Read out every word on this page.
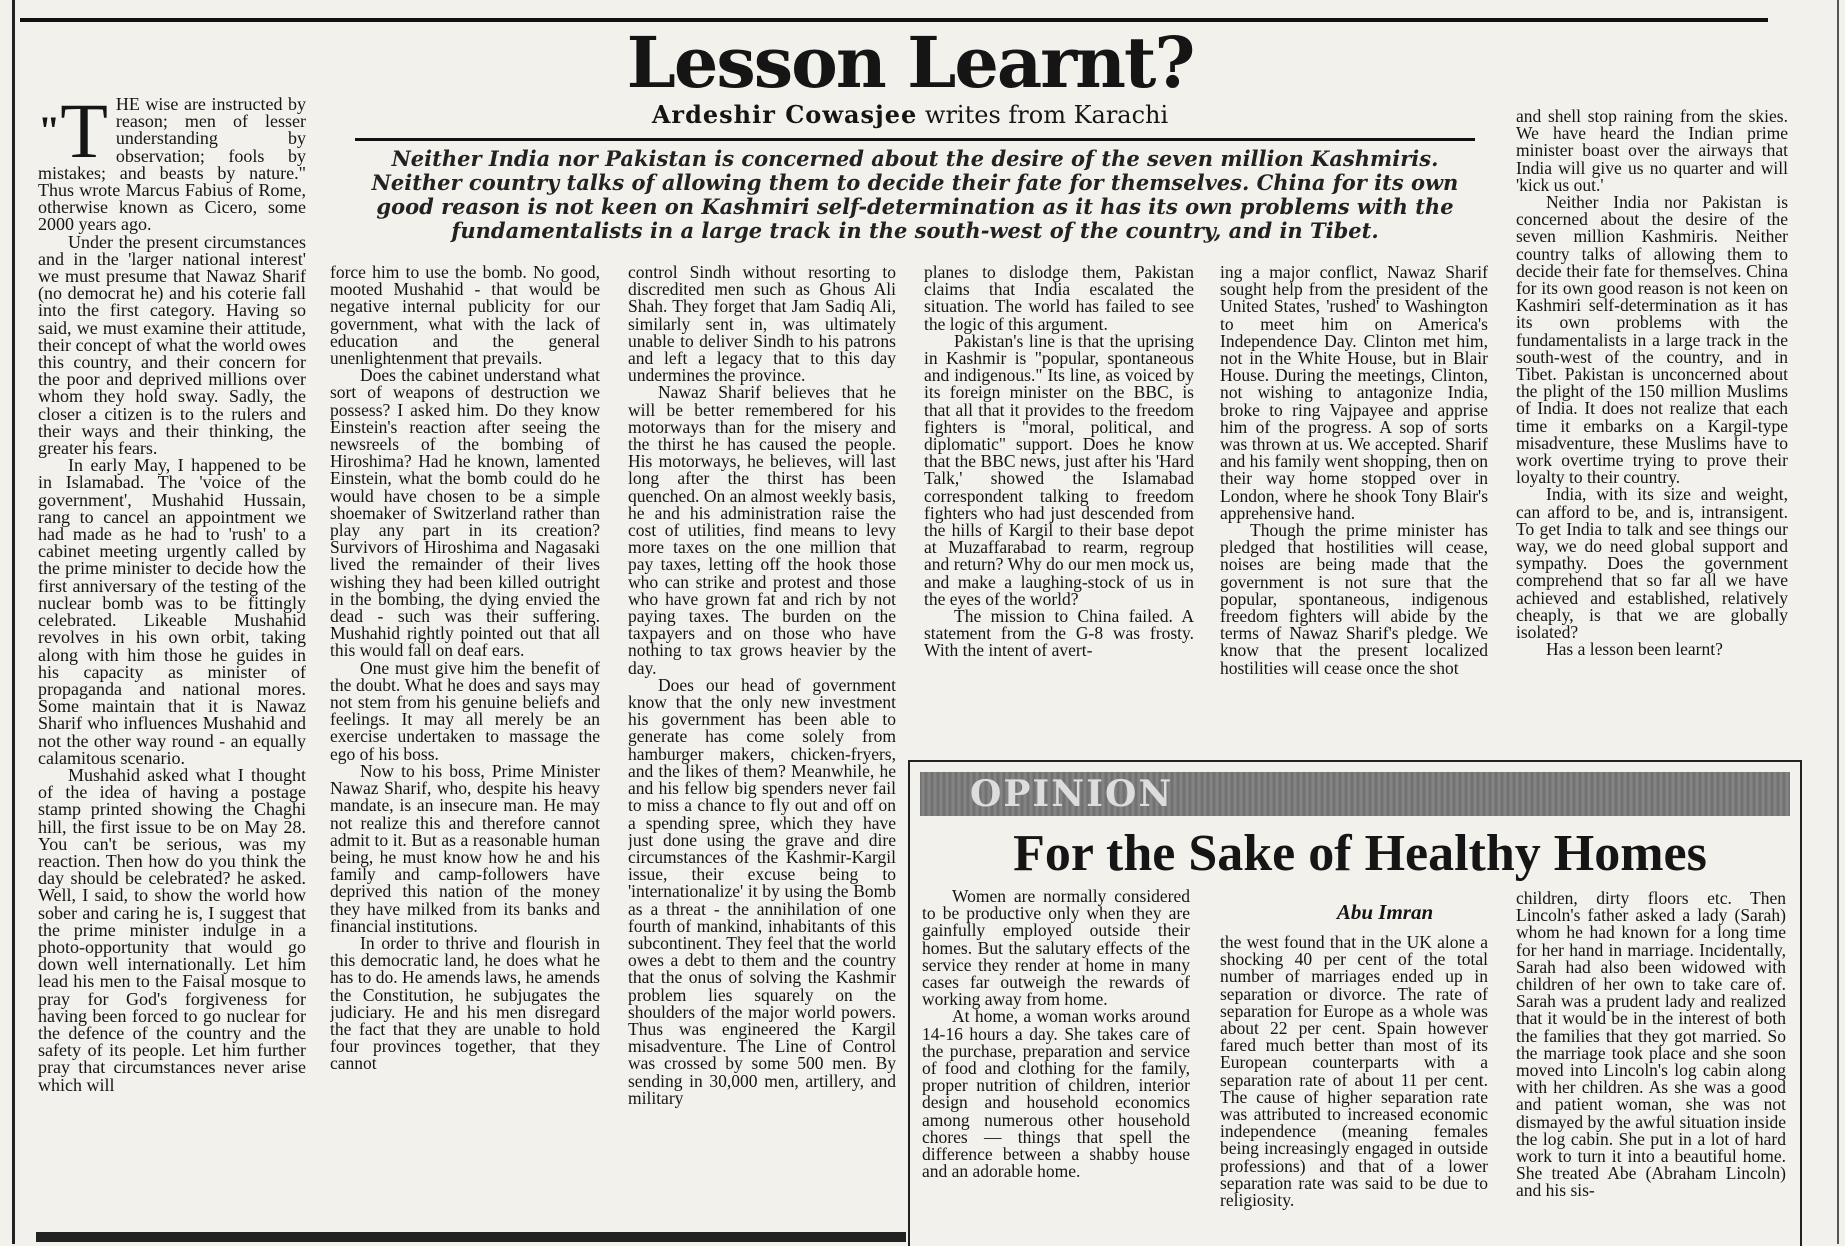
Lesson Learnt?
Ardeshir Cowasjee writes from Karachi
Neither India nor Pakistan is concerned about the desire of the seven million Kashmiris. Neither country talks of allowing them to decide their fate for themselves. China for its own good reason is not keen on Kashmiri self-determination as it has its own problems with the fundamentalists in a large track in the south-west of the country, and in Tibet.
"T HE wise are instructed by reason; men of lesser understanding by observation; fools by mistakes; and beasts by nature." Thus wrote Marcus Fabius of Rome, otherwise known as Cicero, some 2000 years ago.

Under the present circumstances and in the 'larger national interest' we must presume that Nawaz Sharif (no democrat he) and his coterie fall into the first category. Having so said, we must examine their attitude, their concept of what the world owes this country, and their concern for the poor and deprived millions over whom they hold sway. Sadly, the closer a citizen is to the rulers and their ways and their thinking, the greater his fears.

In early May, I happened to be in Islamabad. The 'voice of the government', Mushahid Hussain, rang to cancel an appointment we had made as he had to 'rush' to a cabinet meeting urgently called by the prime minister to decide how the first anniversary of the testing of the nuclear bomb was to be fittingly celebrated. Likeable Mushahid revolves in his own orbit, taking along with him those he guides in his capacity as minister of propaganda and national mores. Some maintain that it is Nawaz Sharif who influences Mushahid and not the other way round - an equally calamitous scenario.

Mushahid asked what I thought of the idea of having a postage stamp printed showing the Chaghi hill, the first issue to be on May 28. You can't be serious, was my reaction. Then how do you think the day should be celebrated? he asked. Well, I said, to show the world how sober and caring he is, I suggest that the prime minister indulge in a photo-opportunity that would go down well internationally. Let him lead his men to the Faisal mosque to pray for God's forgiveness for having been forced to go nuclear for the defence of the country and the safety of its people. Let him further pray that circumstances never arise which will

force him to use the bomb. No good, mooted Mushahid - that would be negative internal publicity for our government, what with the lack of education and the general unenlightenment that prevails.

Does the cabinet understand what sort of weapons of destruction we possess? I asked him. Do they know Einstein's reaction after seeing the newsreels of the bombing of Hiroshima? Had he known, lamented Einstein, what the bomb could do he would have chosen to be a simple shoemaker of Switzerland rather than play any part in its creation? Survivors of Hiroshima and Nagasaki lived the remainder of their lives wishing they had been killed outright in the bombing, the dying envied the dead - such was their suffering. Mushahid rightly pointed out that all this would fall on deaf ears.

One must give him the benefit of the doubt. What he does and says may not stem from his genuine beliefs and feelings. It may all merely be an exercise undertaken to massage the ego of his boss.

Now to his boss, Prime Minister Nawaz Sharif, who, despite his heavy mandate, is an insecure man. He may not realize this and therefore cannot admit to it. But as a reasonable human being, he must know how he and his family and camp-followers have deprived this nation of the money they have milked from its banks and financial institutions.

In order to thrive and flourish in this democratic land, he does what he has to do. He amends laws, he amends the Constitution, he subjugates the judiciary. He and his men disregard the fact that they are unable to hold four provinces together, that they cannot

control Sindh without resorting to discredited men such as Ghous Ali Shah. They forget that Jam Sadiq Ali, similarly sent in, was ultimately unable to deliver Sindh to his patrons and left a legacy that to this day undermines the province.

Nawaz Sharif believes that he will be better remembered for his motorways than for the misery and the thirst he has caused the people. His motorways, he believes, will last long after the thirst has been quenched. On an almost weekly basis, he and his administration raise the cost of utilities, find means to levy more taxes on the one million that pay taxes, letting off the hook those who can strike and protest and those who have grown fat and rich by not paying taxes. The burden on the taxpayers and on those who have nothing to tax grows heavier by the day.

Does our head of government know that the only new investment his government has been able to generate has come solely from hamburger makers, chicken-fryers, and the likes of them? Meanwhile, he and his fellow big spenders never fail to miss a chance to fly out and off on a spending spree, which they have just done using the grave and dire circumstances of the Kashmir-Kargil issue, their excuse being to 'internationalize' it by using the Bomb as a threat - the annihilation of one fourth of mankind, inhabitants of this subcontinent. They feel that the world owes a debt to them and the country that the onus of solving the Kashmir problem lies squarely on the shoulders of the major world powers. Thus was engineered the Kargil misadventure. The Line of Control was crossed by some 500 men. By sending in 30,000 men, artillery, and military

planes to dislodge them, Pakistan claims that India escalated the situation. The world has failed to see the logic of this argument.

Pakistan's line is that the uprising in Kashmir is "popular, spontaneous and indigenous." Its line, as voiced by its foreign minister on the BBC, is that all that it provides to the freedom fighters is "moral, political, and diplomatic" support. Does he know that the BBC news, just after his 'Hard Talk,' showed the Islamabad correspondent talking to freedom fighters who had just descended from the hills of Kargil to their base depot at Muzaffarabad to rearm, regroup and return? Why do our men mock us, and make a laughing-stock of us in the eyes of the world?

The mission to China failed. A statement from the G-8 was frosty. With the intent of avert-

ing a major conflict, Nawaz Sharif sought help from the president of the United States, 'rushed' to Washington to meet him on America's Independence Day. Clinton met him, not in the White House, but in Blair House. During the meetings, Clinton, not wishing to antagonize India, broke to ring Vajpayee and apprise him of the progress. A sop of sorts was thrown at us. We accepted. Sharif and his family went shopping, then on their way home stopped over in London, where he shook Tony Blair's apprehensive hand.

Though the prime minister has pledged that hostilities will cease, noises are being made that the government is not sure that the popular, spontaneous, indigenous freedom fighters will abide by the terms of Nawaz Sharif's pledge. We know that the present localized hostilities will cease once the shot

and shell stop raining from the skies. We have heard the Indian prime minister boast over the airways that India will give us no quarter and will 'kick us out.'

Neither India nor Pakistan is concerned about the desire of the seven million Kashmiris. Neither country talks of allowing them to decide their fate for themselves. China for its own good reason is not keen on Kashmiri self-determination as it has its own problems with the fundamentalists in a large track in the south-west of the country, and in Tibet. Pakistan is unconcerned about the plight of the 150 million Muslims of India. It does not realize that each time it embarks on a Kargil-type misadventure, these Muslims have to work overtime trying to prove their loyalty to their country.

India, with its size and weight, can afford to be, and is, intransigent. To get India to talk and see things our way, we do need global support and sympathy. Does the government comprehend that so far all we have achieved and established, relatively cheaply, is that we are globally isolated?

Has a lesson been learnt?

OPINION
For the Sake of Healthy Homes
Abu Imran

Women are normally considered to be productive only when they are gainfully employed outside their homes. But the salutary effects of the service they render at home in many cases far outweigh the rewards of working away from home.

At home, a woman works around 14-16 hours a day. She takes care of the purchase, preparation and service of food and clothing for the family, proper nutrition of children, interior design and household economics among numerous other household chores — things that spell the difference between a shabby house and an adorable home.

the west found that in the UK alone a shocking 40 per cent of the total number of marriages ended up in separation or divorce. The rate of separation for Europe as a whole was about 22 per cent. Spain however fared much better than most of its European counterparts with a separation rate of about 11 per cent. The cause of higher separation rate was attributed to increased economic independence (meaning females being increasingly engaged in outside professions) and that of a lower separation rate was said to be due to religiosity.

children, dirty floors etc. Then Lincoln's father asked a lady (Sarah) whom he had known for a long time for her hand in marriage. Incidentally, Sarah had also been widowed with children of her own to take care of. Sarah was a prudent lady and realized that it would be in the interest of both the families that they got married. So the marriage took place and she soon moved into Lincoln's log cabin along with her children. As she was a good and patient woman, she was not dismayed by the awful situation inside the log cabin. She put in a lot of hard work to turn it into a beautiful home. She treated Abe (Abraham Lincoln) and his sis-
